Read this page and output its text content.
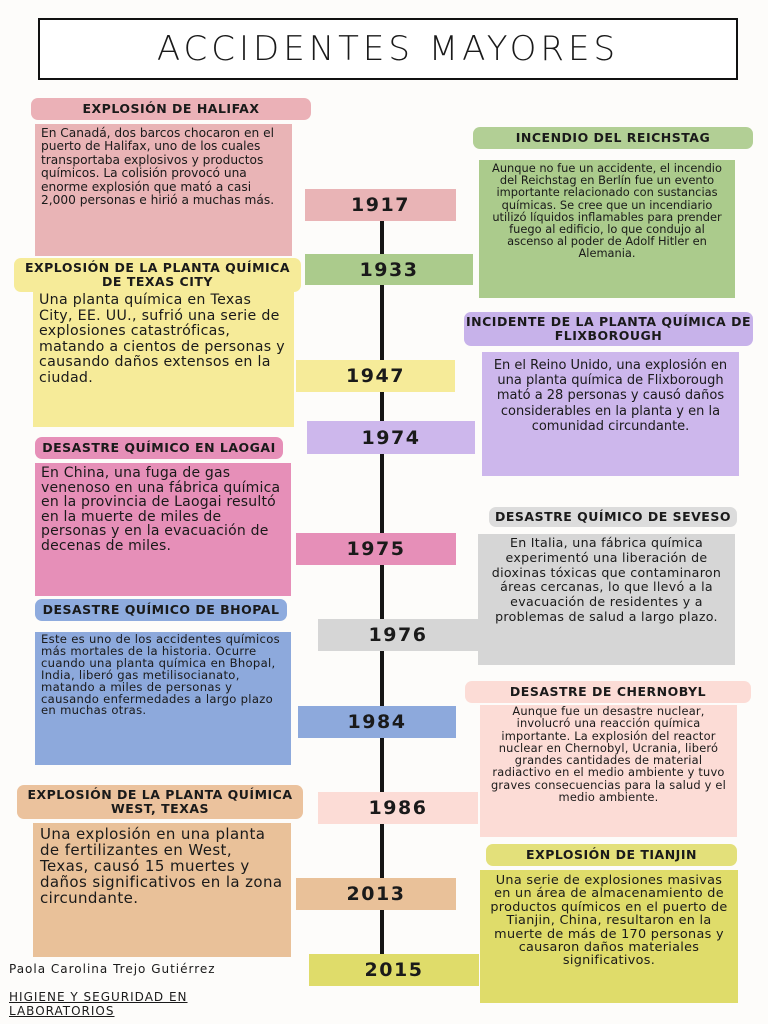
ACCIDENTES MAYORES
EXPLOSIÓN DE HALIFAX
En Canadá, dos barcos chocaron en el puerto de Halifax, uno de los cuales transportaba explosivos y productos químicos. La colisión provocó una enorme explosión que mató a casi 2,000 personas e hirió a muchas más.	1917
INCENDIO DEL REICHSTAG
Aunque no fue un accidente, el incendio del Reichstag en Berlín fue un evento importante relacionado con sustancias químicas. Se cree que un incendiario utilizó líquidos inflamables para prender fuego al edificio, lo que condujo al ascenso al poder de Adolf Hitler en Alemania.
1933
EXPLOSIÓN DE LA PLANTA QUÍMICA DE TEXAS CITY
Una planta química en Texas City, EE. UU., sufrió una serie de explosiones catastróficas, matando a cientos de personas y causando daños extensos en la ciudad.	1947
INCIDENTE DE LA PLANTA QUÍMICA DE FLIXBOROUGH
En el Reino Unido, una explosión en una planta química de Flixborough mató a 28 personas y causó daños considerables en la planta y en la comunidad circundante.
1974
DESASTRE QUÍMICO EN LAOGAI
En China, una fuga de gas venenoso en una fábrica química en la provincia de Laogai resultó en la muerte de miles de personas y en la evacuación de decenas de miles.	1975
DESASTRE QUÍMICO DE SEVESO
En Italia, una fábrica química experimentó una liberación de dioxinas tóxicas que contaminaron áreas cercanas, lo que llevó a la evacuación de residentes y a problemas de salud a largo plazo.
1976
DESASTRE QUÍMICO DE BHOPAL
Este es uno de los accidentes químicos más mortales de la historia. Ocurre cuando una planta química en Bhopal, India, liberó gas metilisocianato, matando a miles de personas y causando enfermedades a largo plazo en muchas otras.
1984
DESASTRE DE CHERNOBYL
Aunque fue un desastre nuclear, involucró una reacción química importante. La explosión del reactor nuclear en Chernobyl, Ucrania, liberó grandes cantidades de material radiactivo en el medio ambiente y tuvo graves consecuencias para la salud y el medio ambiente.
1986
EXPLOSIÓN DE LA PLANTA QUÍMICA WEST, TEXAS
Una explosión en una planta de fertilizantes en West, Texas, causó 15 muertes y daños significativos en la zona circundante.	2013
EXPLOSIÓN DE TIANJIN
Una serie de explosiones masivas en un área de almacenamiento de productos químicos en el puerto de Tianjin, China, resultaron en la muerte de más de 170 personas y causaron daños materiales significativos.
2015
Paola Carolina Trejo Gutiérrez
HIGIENE Y SEGURIDAD EN LABORATORIOS
